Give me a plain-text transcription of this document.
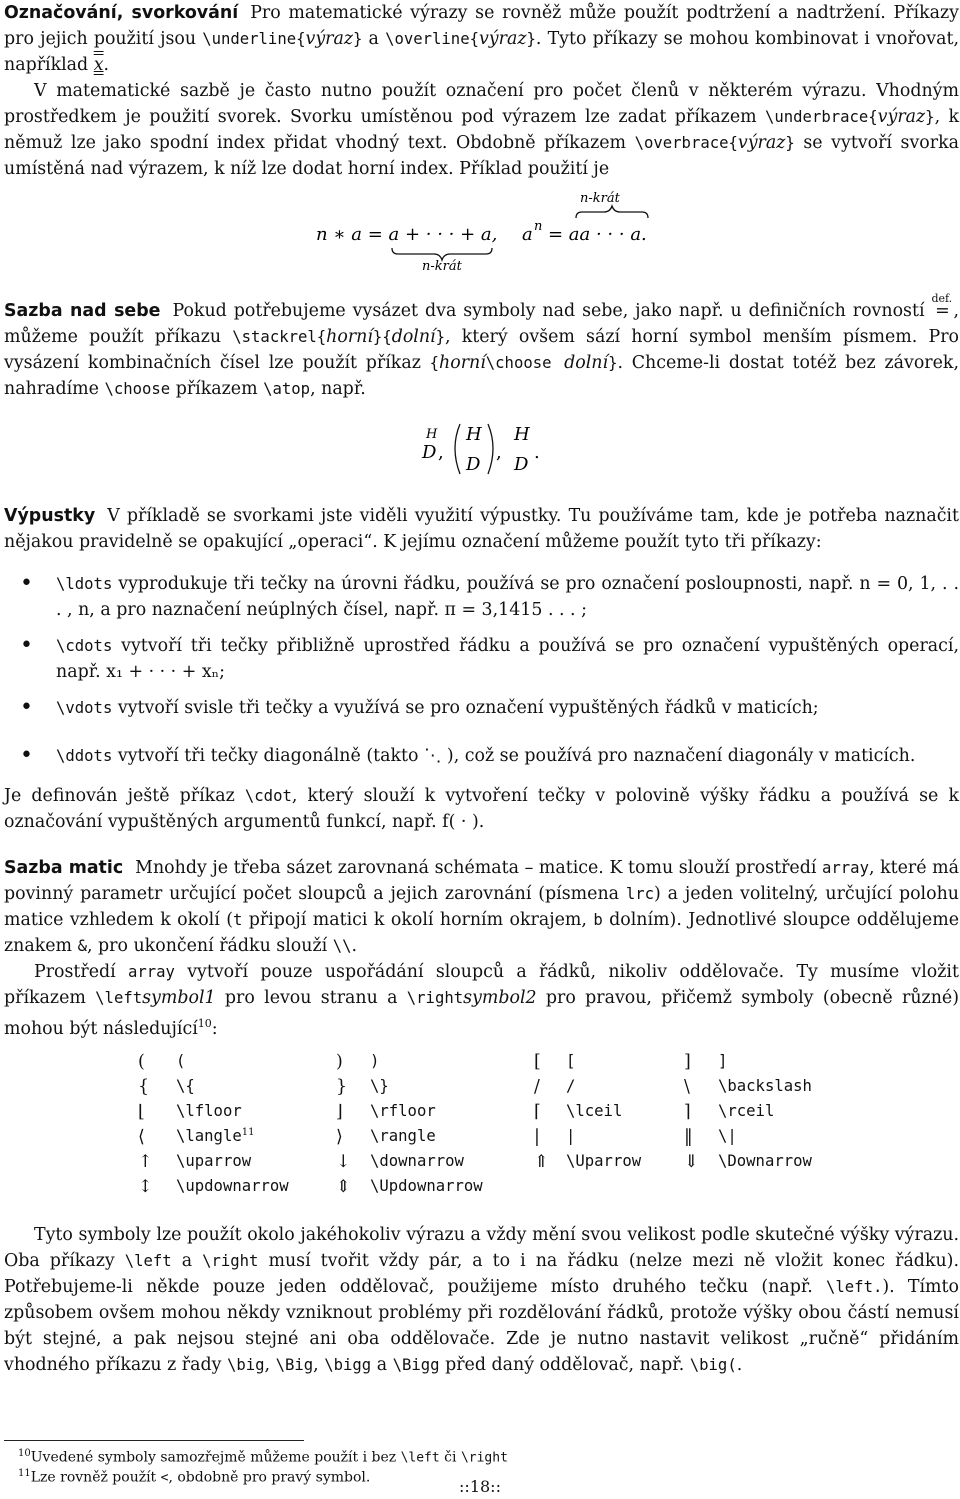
Označování, svorkování Pro matematické výrazy se rovněž může použít podtržení a nadtržení. Příkazy pro jejich použití jsou \underline{výraz} a \overline{výraz}. Tyto příkazy se mohou kombinovat i vnořovat, například x.

V matematické sazbě je často nutno použít označení pro počet členů v některém výrazu. Vhodným prostředkem je použití svorek. Svorku umístěnou pod výrazem lze zadat příkazem \underbrace{výraz}, k němuž lze jako spodní index přidat vhodný text. Obdobně příkazem \overbrace{výraz} se vytvoří svorka umístěná nad výrazem, k níž lze dodat horní index. Příklad použití je

n ∗ a = a + · · · + a,
n-krát
a n = aa · · · a.
n-krát

Sazba nad sebe Pokud potřebujeme vysázet dva symboly nad sebe, jako např. u definičních rovností
def.
= , můžeme použít příkazu \stackrel{horní}{dolní}, který ovšem sází horní symbol menším písmem. Pro vysázení kombinačních čísel lze použít příkaz {horní\choose dolní}. Chceme-li dostat totéž bez závorek, nahradíme \choose příkazem \atop, např.

H
D ,
H
D
,
H
D
.

Výpustky V příkladě se svorkami jste viděli využití výpustky. Tu používáme tam, kde je potřeba naznačit nějakou pravidelně se opakující „operaci“. K jejímu označení můžeme použít tyto tři příkazy:

• \ldots vyprodukuje tři tečky na úrovni řádku, používá se pro označení posloupnosti, např. n = 0, 1, . . . , n, a pro naznačení neúplných čísel, např. π = 3,1415 . . . ;
• \cdots vytvoří tři tečky přibližně uprostřed řádku a používá se pro označení vypuštěných operací, např. x₁ + · · · + xₙ;
• \vdots vytvoří svisle tři tečky a využívá se pro označení vypuštěných řádků v maticích;
• \ddots vytvoří tři tečky diagonálně (takto ⋱ ), což se používá pro naznačení diagonály v maticích.

Je definován ještě příkaz \cdot, který slouží k vytvoření tečky v polovině výšky řádku a používá se k označování vypuštěných argumentů funkcí, např. f( · ).

Sazba matic Mnohdy je třeba sázet zarovnaná schémata – matice. K tomu slouží prostředí array, které má povinný parametr určující počet sloupců a jejich zarovnání (písmena lrc) a jeden volitelný, určující polohu matice vzhledem k okolí (t připojí matici k okolí horním okrajem, b dolním). Jednotlivé sloupce oddělujeme znakem &, pro ukončení řádku slouží \\.

Prostředí array vytvoří pouze uspořádání sloupců a řádků, nikoliv oddělovače. Ty musíme vložit příkazem \leftsymbol1 pro levou stranu a \rightsymbol2 pro pravou, přičemž symboly (obecně různé) mohou být následující$^{10}$:

( (	) )	[ [	] ]
{ \{	} \}	/ /	\ \backslash
⌊ \lfloor	⌋ \rfloor	⌈ \lceil	⌉ \rceil
⟨ \langle$^{11}$	⟩ \rangle	| |	‖ \|
↑ \uparrow	↓ \downarrow	⇑ \Uparrow ⇓ \Downarrow
↕ \updownarrow	⇕ \Updownarrow

Tyto symboly lze použít okolo jakéhokoliv výrazu a vždy mění svou velikost podle skutečné výšky výrazu. Oba příkazy \left a \right musí tvořit vždy pár, a to i na řádku (nelze mezi ně vložit konec řádku). Potřebujeme-li někde pouze jeden oddělovač, použijeme místo druhého tečku (např. \left.). Tímto způsobem ovšem mohou někdy vzniknout problémy při rozdělování řádků, protože výšky obou částí nemusí být stejné, a pak nejsou stejné ani oba oddělovače. Zde je nutno nastavit velikost „ručně“ přidáním vhodného příkazu z řady \big, \Big, \bigg a \Bigg před daný oddělovač, např. \big(.

$^{10}$Uvedené symboly samozřejmě můžeme použít i bez \left či \right
$^{11}$Lze rovněž použít <, obdobně pro pravý symbol.	::18::
